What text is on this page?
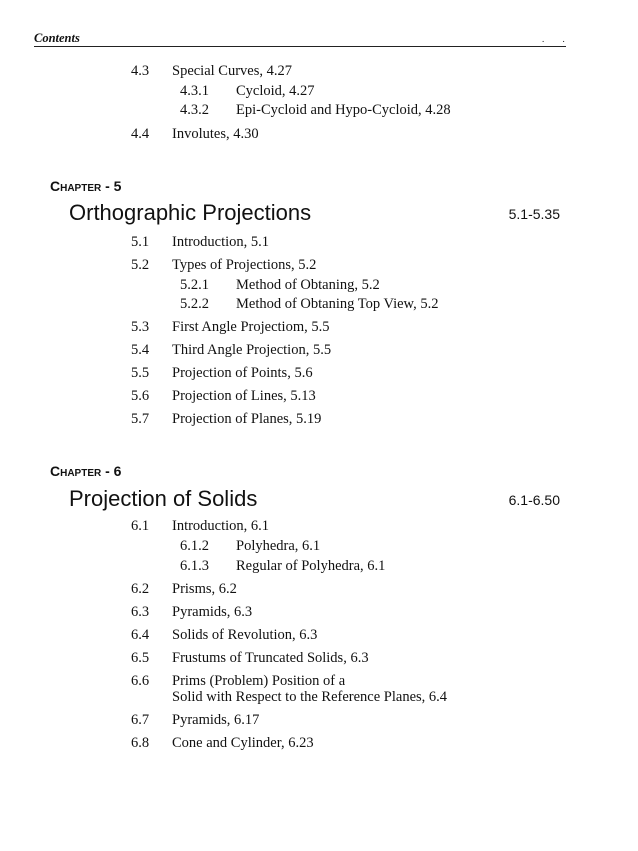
Contents	. .
4.3	Special Curves, 4.27
4.3.1	Cycloid, 4.27
4.3.2	Epi-Cycloid and Hypo-Cycloid, 4.28
4.4	Involutes, 4.30
Chapter - 5
Orthographic Projections	5.1-5.35
5.1	Introduction, 5.1
5.2	Types of Projections, 5.2
5.2.1	Method of Obtaning, 5.2
5.2.2	Method of Obtaning Top View, 5.2
5.3	First Angle Projectiom, 5.5
5.4	Third Angle Projection, 5.5
5.5	Projection of Points, 5.6
5.6	Projection of Lines, 5.13
5.7	Projection of Planes, 5.19
Chapter - 6
Projection of Solids	6.1-6.50
6.1	Introduction, 6.1
6.1.2	Polyhedra, 6.1
6.1.3	Regular of Polyhedra, 6.1
6.2	Prisms, 6.2
6.3	Pyramids, 6.3
6.4	Solids of Revolution, 6.3
6.5	Frustums of Truncated Solids, 6.3
6.6	Prims (Problem) Position of a
Solid with Respect to the Reference Planes, 6.4
6.7	Pyramids, 6.17
6.8	Cone and Cylinder, 6.23
